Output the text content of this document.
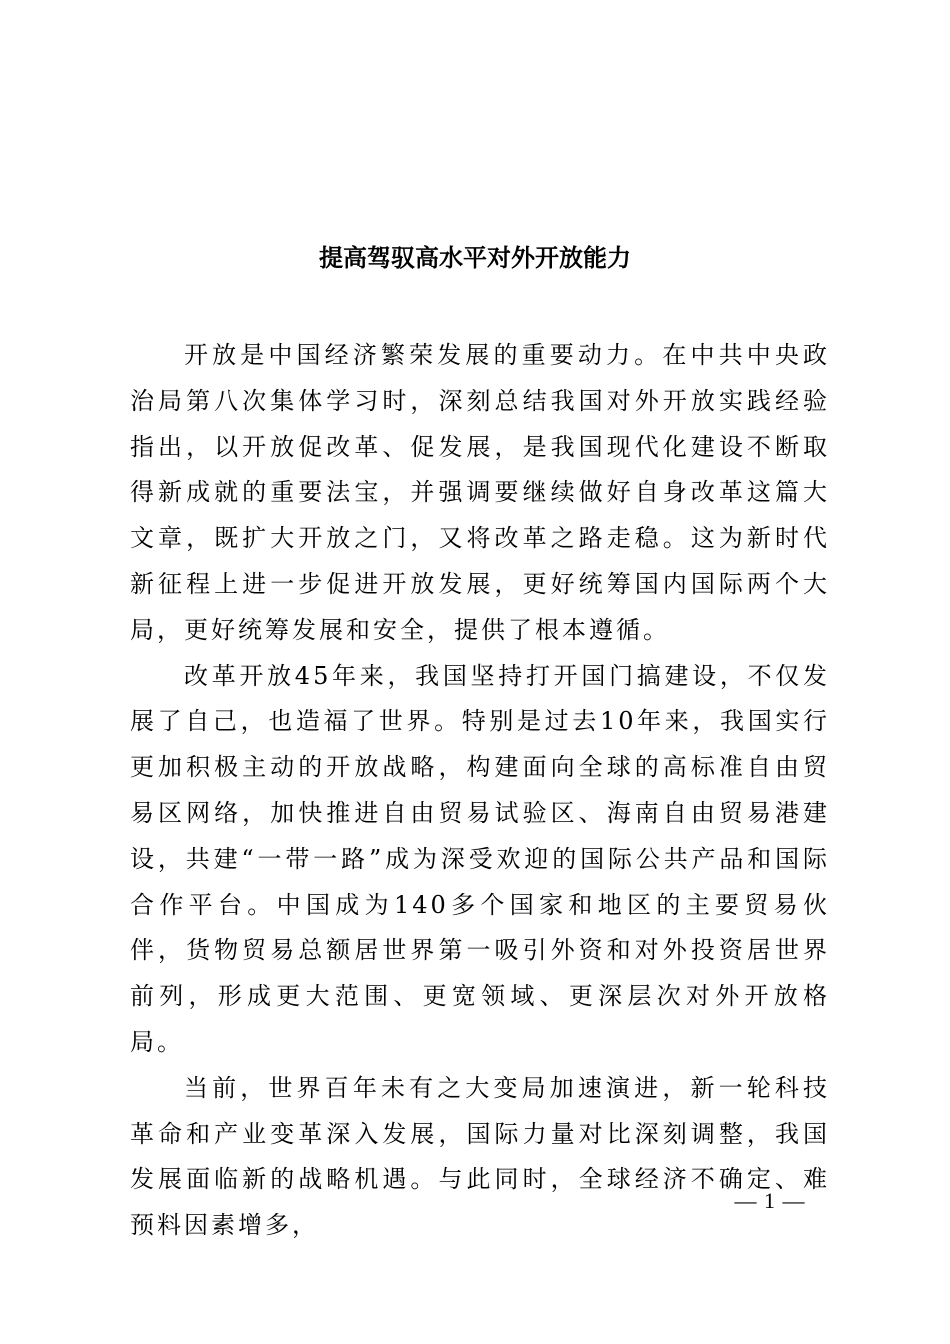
提高驾驭高水平对外开放能力

开放是中国经济繁荣发展的重要动力。在中共中央政治局第八次集体学习时，深刻总结我国对外开放实践经验指出，以开放促改革、促发展，是我国现代化建设不断取得新成就的重要法宝，并强调要继续做好自身改革这篇大文章，既扩大开放之门，又将改革之路走稳。这为新时代新征程上进一步促进开放发展，更好统筹国内国际两个大局，更好统筹发展和安全，提供了根本遵循。

改革开放45年来，我国坚持打开国门搞建设，不仅发展了自己，也造福了世界。特别是过去10年来，我国实行更加积极主动的开放战略，构建面向全球的高标准自由贸易区网络，加快推进自由贸易试验区、海南自由贸易港建设，共建“一带一路”成为深受欢迎的国际公共产品和国际合作平台。中国成为140多个国家和地区的主要贸易伙伴，货物贸易总额居世界第一吸引外资和对外投资居世界前列，形成更大范围、更宽领域、更深层次对外开放格局。

当前，世界百年未有之大变局加速演进，新一轮科技革命和产业变革深入发展，国际力量对比深刻调整，我国发展面临新的战略机遇。与此同时，全球经济不确定、难预料因素增多，

— 1 —
